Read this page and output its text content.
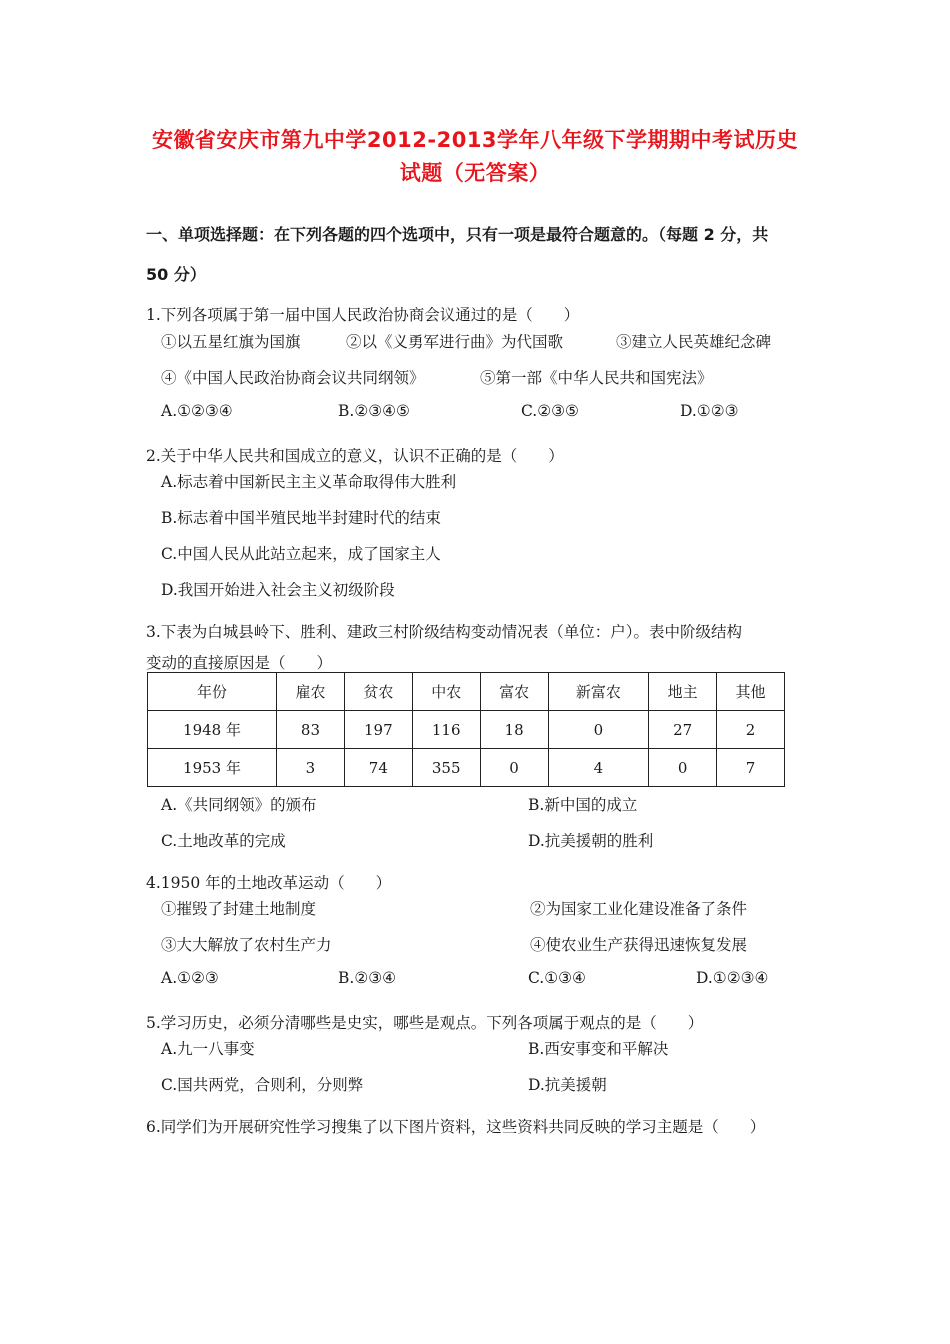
安徽省安庆市第九中学2012-2013学年八年级下学期期中考试历史
试题（无答案）
一、单项选择题：在下列各题的四个选项中，只有一项是最符合题意的。（每题 2 分，共
50 分）
1.下列各项属于第一届中国人民政治协商会议通过的是（　　）
①以五星红旗为国旗	②以《义勇军进行曲》为代国歌	③建立人民英雄纪念碑
④《中国人民政治协商会议共同纲领》	⑤第一部《中华人民共和国宪法》
A.①②③④	B.②③④⑤	C.②③⑤	D.①②③
2.关于中华人民共和国成立的意义，认识不正确的是（　　）
A.标志着中国新民主主义革命取得伟大胜利
B.标志着中国半殖民地半封建时代的结束
C.中国人民从此站立起来，成了国家主人
D.我国开始进入社会主义初级阶段
3.下表为白城县岭下、胜利、建政三村阶级结构变动情况表（单位：户）。表中阶级结构
变动的直接原因是（　　）
年份	雇农	贫农	中农	富农	新富农	地主	其他
1948 年	83	197	116	18	0	27	2
1953 年	3	74	355	0	4	0	7
A.《共同纲领》的颁布	B.新中国的成立
C.土地改革的完成	D.抗美援朝的胜利
4.1950 年的土地改革运动（　　）
①摧毁了封建土地制度	②为国家工业化建设准备了条件
③大大解放了农村生产力	④使农业生产获得迅速恢复发展
A.①②③	B.②③④	C.①③④	D.①②③④
5.学习历史，必须分清哪些是史实，哪些是观点。下列各项属于观点的是（　　）
A.九一八事变	B.西安事变和平解决
C.国共两党，合则利，分则弊	D.抗美援朝
6.同学们为开展研究性学习搜集了以下图片资料，这些资料共同反映的学习主题是（　　）
